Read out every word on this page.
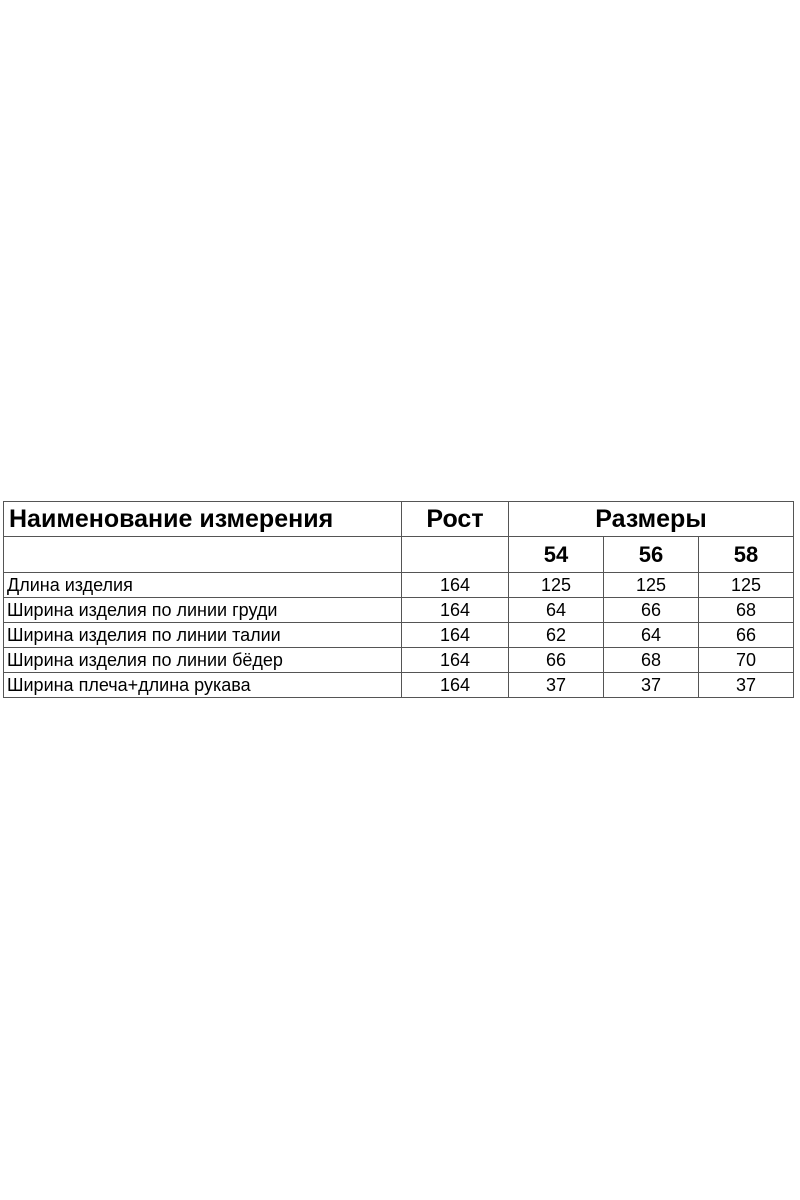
Наименование измерения	Рост	Размеры		
		54	56	58
Длина изделия	164	125	125	125
Ширина изделия по линии груди	164	64	66	68
Ширина изделия по линии талии	164	62	64	66
Ширина изделия по линии бёдер	164	66	68	70
Ширина плеча+длина рукава	164	37	37	37
